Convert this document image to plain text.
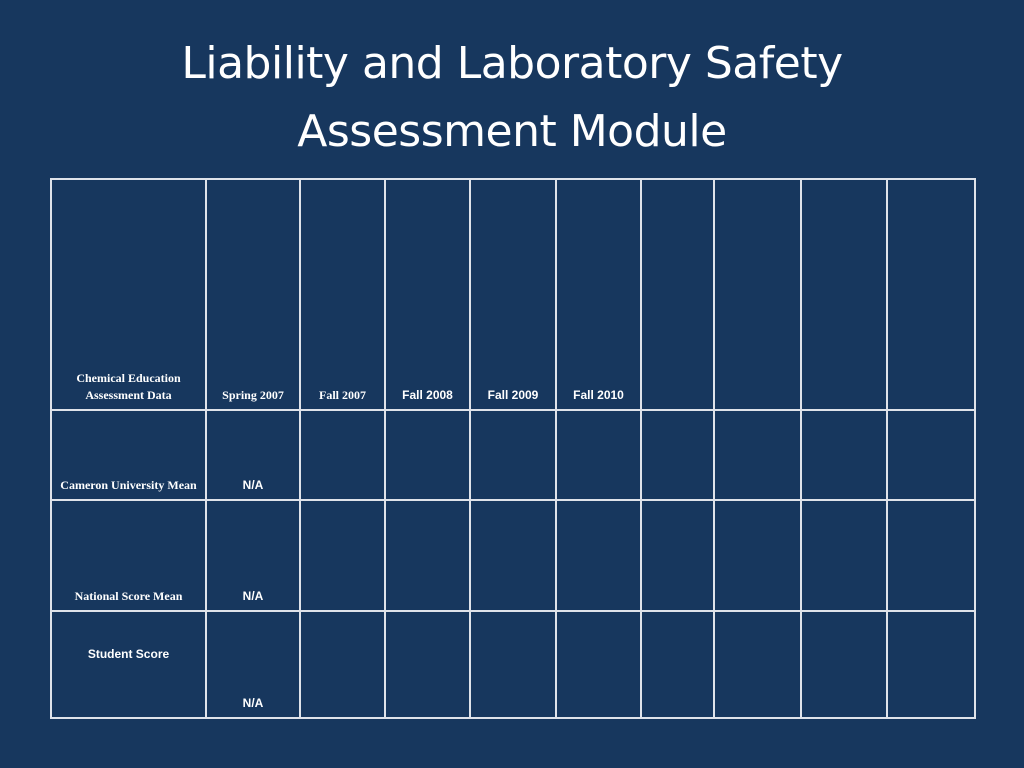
Liability and Laboratory Safety
Assessment Module
Chemical Education Assessment Data	Spring 2007	Fall 2007	Fall 2008	Fall 2009	Fall 2010				
Cameron University Mean	N/A								
National Score Mean	N/A								
Student Score	N/A								
